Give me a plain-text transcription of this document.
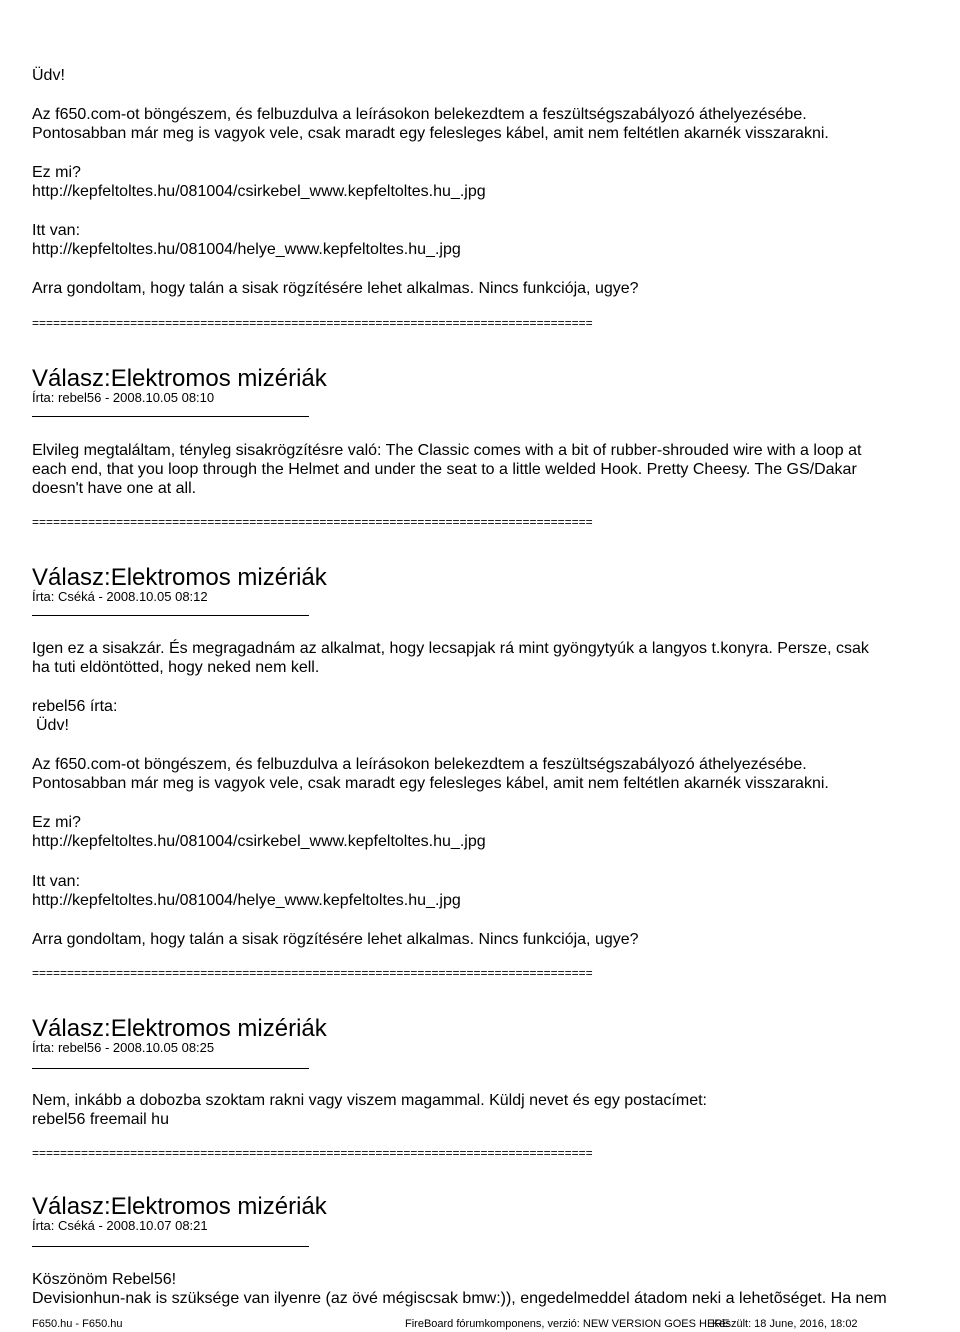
Üdv!
Az f650.com-ot böngészem, és felbuzdulva a leírásokon belekezdtem a feszültségszabályozó áthelyezésébe.
Pontosabban már meg is vagyok vele, csak maradt egy felesleges kábel, amit nem feltétlen akarnék visszarakni.
Ez mi?
http://kepfeltoltes.hu/081004/csirkebel_www.kepfeltoltes.hu_.jpg
Itt van:
http://kepfeltoltes.hu/081004/helye_www.kepfeltoltes.hu_.jpg
Arra gondoltam, hogy talán a sisak rögzítésére lehet alkalmas. Nincs funkciója, ugye?
================================================================================
Válasz:Elektromos mizériák
Írta: rebel56 - 2008.10.05 08:10
Elvileg megtaláltam, tényleg sisakrögzítésre való: The Classic comes with a bit of rubber-shrouded wire with a loop at
each end, that you loop through the Helmet and under the seat to a little welded Hook. Pretty Cheesy. The GS/Dakar
doesn't have one at all.
================================================================================
Válasz:Elektromos mizériák
Írta: Cséká - 2008.10.05 08:12
Igen ez a sisakzár. És megragadnám az alkalmat, hogy lecsapjak rá mint gyöngytyúk a langyos t.konyra. Persze, csak
ha tuti eldöntötted, hogy neked nem kell.
rebel56 írta:
Üdv!
Az f650.com-ot böngészem, és felbuzdulva a leírásokon belekezdtem a feszültségszabályozó áthelyezésébe.
Pontosabban már meg is vagyok vele, csak maradt egy felesleges kábel, amit nem feltétlen akarnék visszarakni.
Ez mi?
http://kepfeltoltes.hu/081004/csirkebel_www.kepfeltoltes.hu_.jpg
Itt van:
http://kepfeltoltes.hu/081004/helye_www.kepfeltoltes.hu_.jpg
Arra gondoltam, hogy talán a sisak rögzítésére lehet alkalmas. Nincs funkciója, ugye?
================================================================================
Válasz:Elektromos mizériák
Írta: rebel56 - 2008.10.05 08:25
Nem, inkább a dobozba szoktam rakni vagy viszem magammal. Küldj nevet és egy postacímet:
rebel56 freemail hu
================================================================================
Válasz:Elektromos mizériák
Írta: Cséká - 2008.10.07 08:21
Köszönöm Rebel56!
Devisionhun-nak is szüksége van ilyenre (az övé mégiscsak bmw:)), engedelmeddel átadom neki a lehetõséget. Ha nem
F650.hu - F650.hu	FireBoard fórumkomponens, verzió: NEW VERSION GOES HERE
Készült: 18 June, 2016, 18:02
